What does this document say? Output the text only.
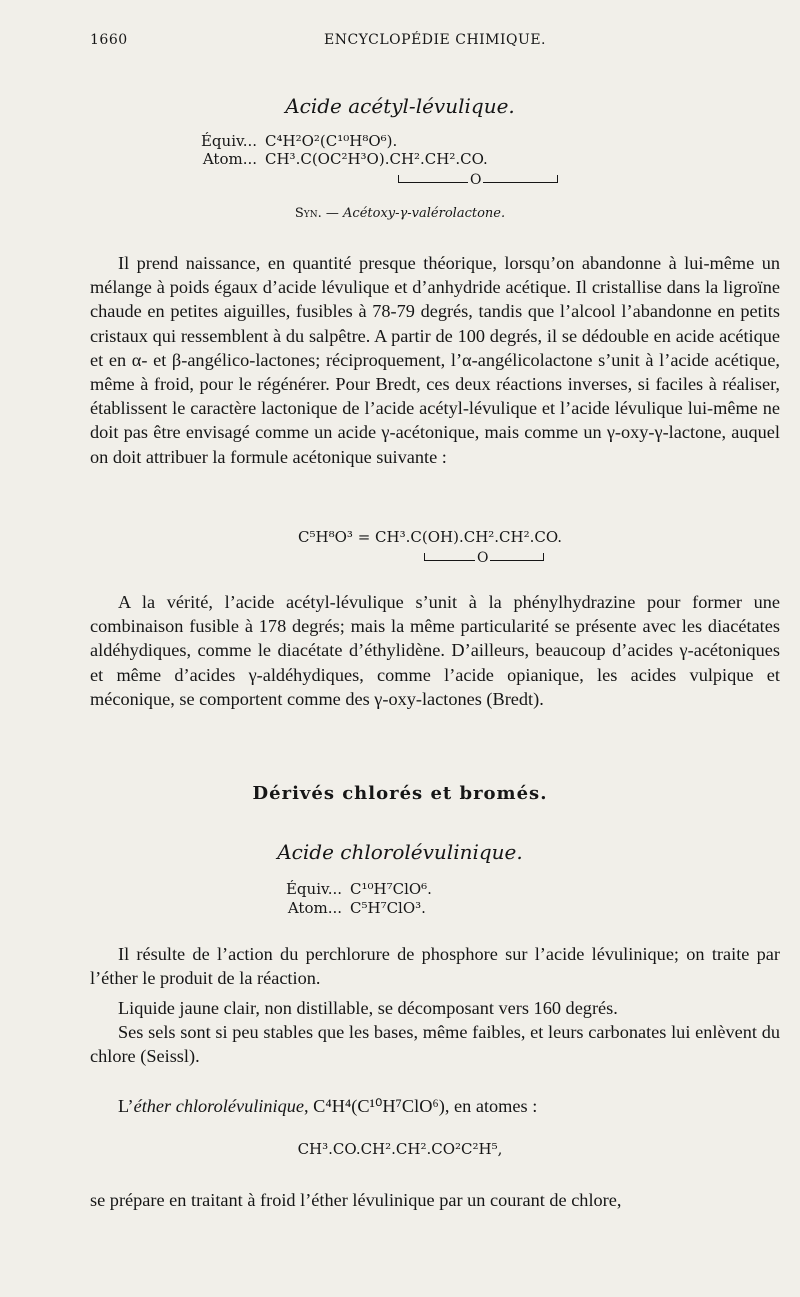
1660	ENCYCLOPÉDIE CHIMIQUE.
Acide acétyl-lévulique.
Équiv... C⁴H²O²(C¹⁰H⁸O⁶).
Atom... CH³.C(OC²H³O).CH².CH².CO.
O
Syn. — Acétoxy-γ-valérolactone.

Il prend naissance, en quantité presque théorique, lorsqu’on abandonne à lui-même un mélange à poids égaux d’acide lévulique et d’anhydride acétique. Il cristallise dans la ligroïne chaude en petites aiguilles, fusibles à 78-79 degrés, tandis que l’alcool l’abandonne en petits cristaux qui ressemblent à du salpêtre. A partir de 100 degrés, il se dédouble en acide acétique et en α- et β-angélico-lactones; réciproquement, l’α-angélicolactone s’unit à l’acide acétique, même à froid, pour le régénérer. Pour Bredt, ces deux réactions inverses, si faciles à réaliser, établissent le caractère lactonique de l’acide acétyl-lévulique et l’acide lévulique lui-même ne doit pas être envisagé comme un acide γ-acétonique, mais comme un γ-oxy-γ-lactone, auquel on doit attribuer la formule acétonique suivante :

C⁵H⁸O³ = CH³.C(OH).CH².CH².CO.
O

A la vérité, l’acide acétyl-lévulique s’unit à la phénylhydrazine pour former une combinaison fusible à 178 degrés; mais la même particularité se présente avec les diacétates aldéhydiques, comme le diacétate d’éthylidène. D’ailleurs, beaucoup d’acides γ-acétoniques et même d’acides γ-aldéhydiques, comme l’acide opianique, les acides vulpique et méconique, se comportent comme des γ-oxy-lactones (Bredt).

Dérivés chlorés et bromés.
Acide chlorolévulinique.
Équiv... C¹⁰H⁷ClO⁶.
Atom... C⁵H⁷ClO³.

Il résulte de l’action du perchlorure de phosphore sur l’acide lévulinique; on traite par l’éther le produit de la réaction.

Liquide jaune clair, non distillable, se décomposant vers 160 degrés.

Ses sels sont si peu stables que les bases, même faibles, et leurs carbonates lui enlèvent du chlore (Seissl).

L’éther chlorolévulinique, C⁴H⁴(C¹⁰H⁷ClO⁶), en atomes :

CH³.CO.CH².CH².CO²C²H⁵,

se prépare en traitant à froid l’éther lévulinique par un courant de chlore,
